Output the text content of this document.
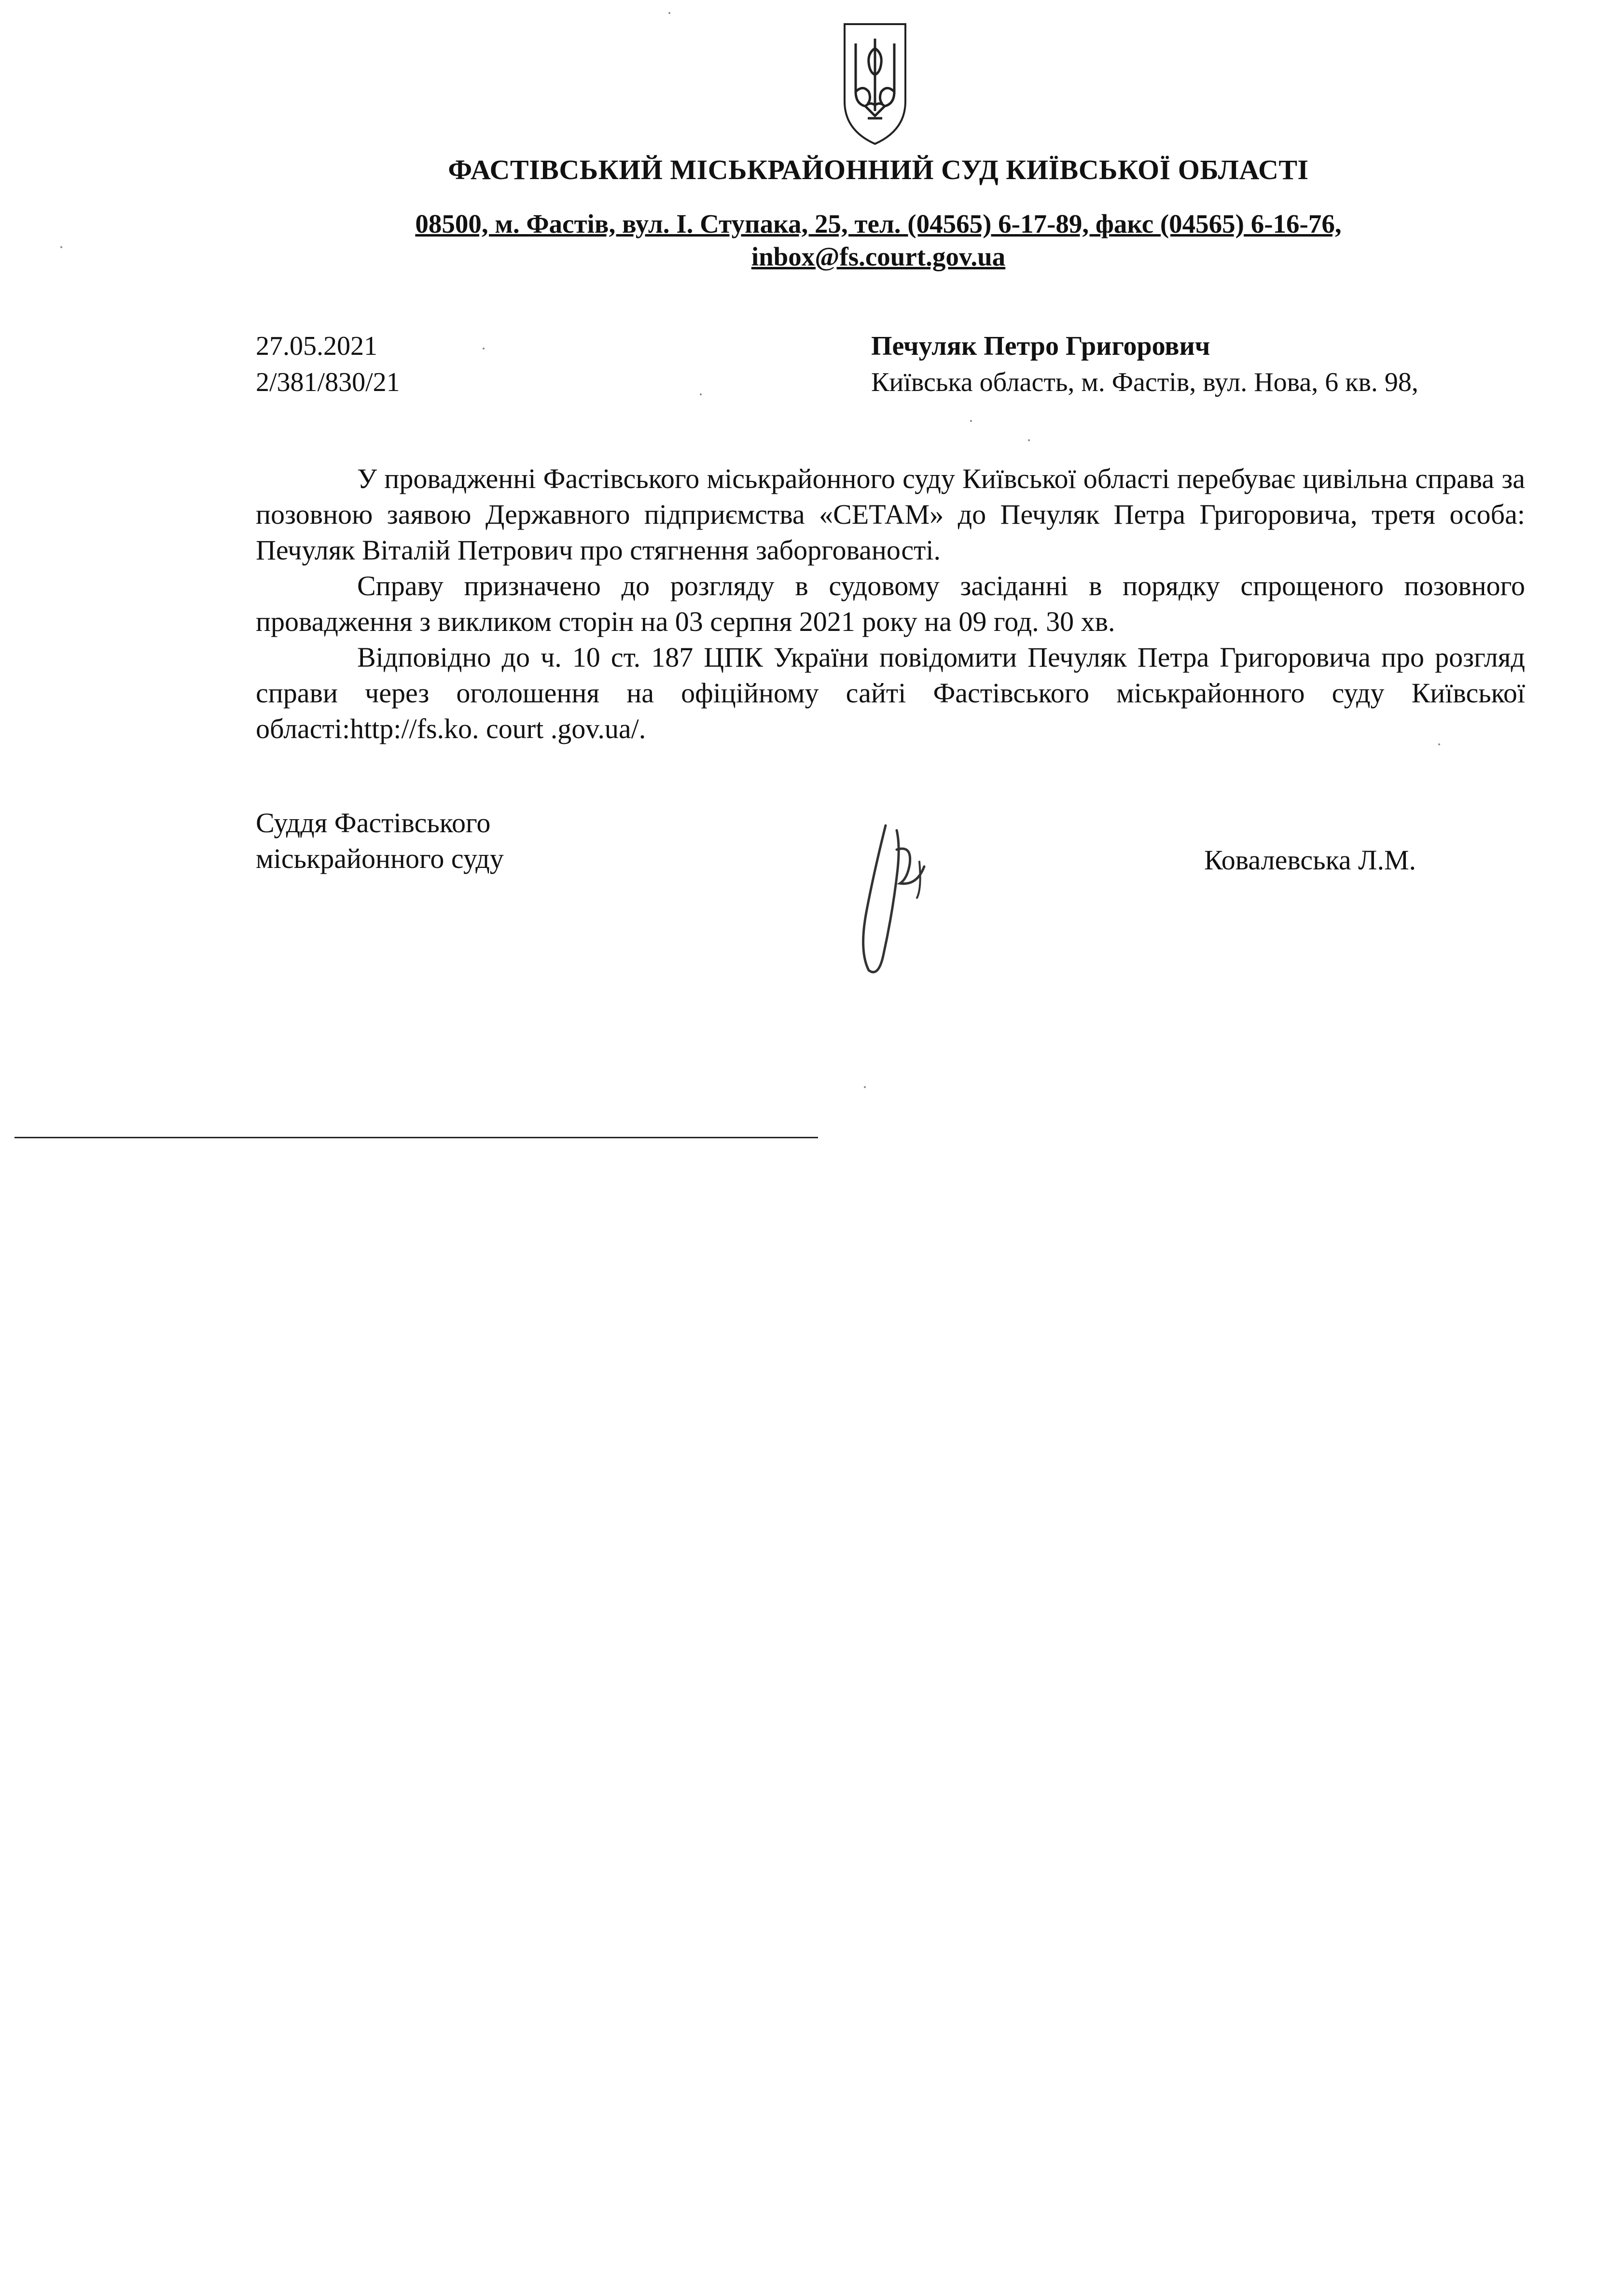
ФАСТІВСЬКИЙ МІСЬКРАЙОННИЙ СУД КИЇВСЬКОЇ ОБЛАСТІ
08500, м. Фастів, вул. І. Ступака, 25, тел. (04565) 6-17-89, факс (04565) 6-16-76,
inbox@fs.court.gov.ua
27.05.2021
2/381/830/21
Печуляк Петро Григорович
Київська область, м. Фастів, вул. Нова, 6 кв. 98,

У провадженні Фастівського міськрайонного суду Київської області перебуває цивільна справа за позовною заявою Державного підприємства «СЕТАМ» до Печуляк Петра Григоровича, третя особа: Печуляк Віталій Петрович про стягнення заборгованості.

Справу призначено до розгляду в судовому засіданні в порядку спрощеного позовного провадження з викликом сторін на 03 серпня 2021 року на 09 год. 30 хв.

Відповідно до ч. 10 ст. 187 ЦПК України повідомити Печуляк Петра Григоровича про розгляд справи через оголошення на офіційному сайті Фастівського міськрайонного суду Київської області:http://fs.ko. court .gov.ua/.

Суддя Фастівського
міськрайонного суду	Ковалевська Л.М.
